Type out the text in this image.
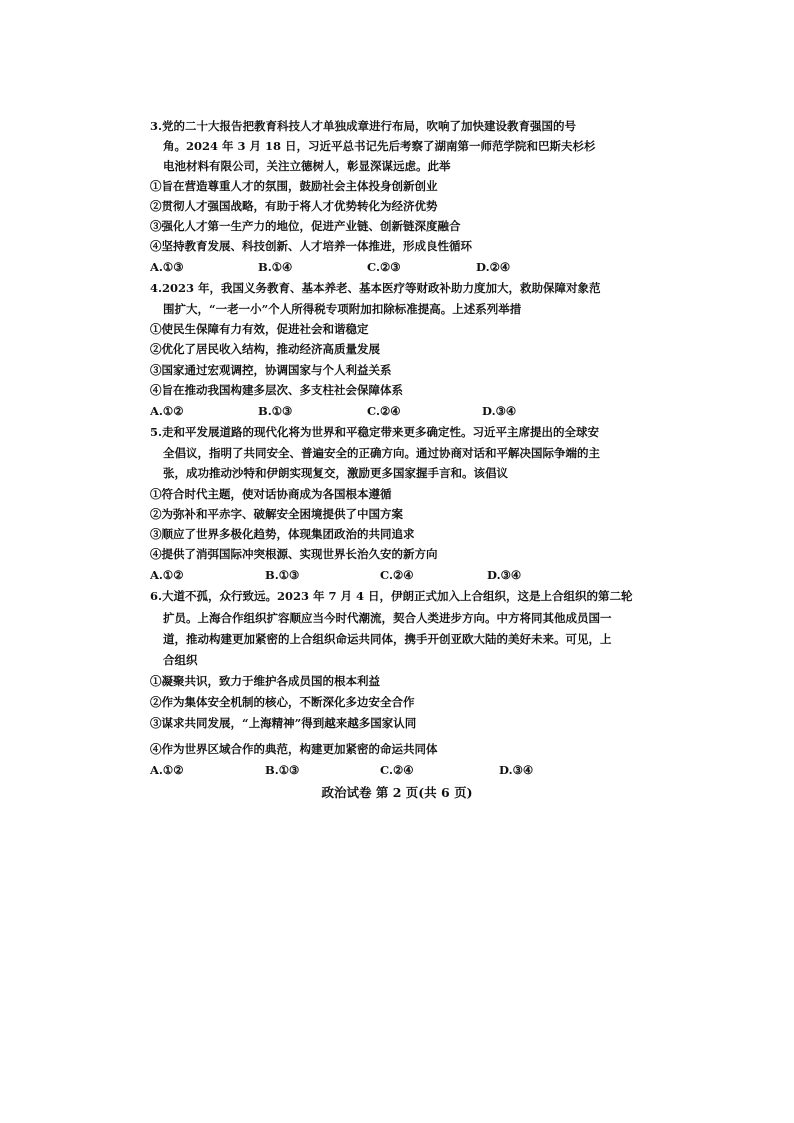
3.党的二十大报告把教育科技人才单独成章进行布局，吹响了加快建设教育强国的号
角。2024 年 3 月 18 日，习近平总书记先后考察了湖南第一师范学院和巴斯夫杉杉
电池材料有限公司，关注立德树人，彰显深谋远虑。此举
①旨在营造尊重人才的氛围，鼓励社会主体投身创新创业
②贯彻人才强国战略，有助于将人才优势转化为经济优势
③强化人才第一生产力的地位，促进产业链、创新链深度融合
④坚持教育发展、科技创新、人才培养一体推进，形成良性循环
A.①③	B.①④	C.②③	D.②④
4.2023 年，我国义务教育、基本养老、基本医疗等财政补助力度加大，救助保障对象范
围扩大，“一老一小”个人所得税专项附加扣除标准提高。上述系列举措
①使民生保障有力有效，促进社会和谐稳定
②优化了居民收入结构，推动经济高质量发展
③国家通过宏观调控，协调国家与个人利益关系
④旨在推动我国构建多层次、多支柱社会保障体系
A.①②	B.①③	C.②④	D.③④
5.走和平发展道路的现代化将为世界和平稳定带来更多确定性。习近平主席提出的全球安
全倡议，指明了共同安全、普遍安全的正确方向。通过协商对话和平解决国际争端的主
张，成功推动沙特和伊朗实现复交，激励更多国家握手言和。该倡议
①符合时代主题，使对话协商成为各国根本遵循
②为弥补和平赤字、破解安全困境提供了中国方案
③顺应了世界多极化趋势，体现集团政治的共同追求
④提供了消弭国际冲突根源、实现世界长治久安的新方向
A.①②	B.①③	C.②④	D.③④
6.大道不孤，众行致远。2023 年 7 月 4 日，伊朗正式加入上合组织，这是上合组织的第二轮
扩员。上海合作组织扩容顺应当今时代潮流，契合人类进步方向。中方将同其他成员国一
道，推动构建更加紧密的上合组织命运共同体，携手开创亚欧大陆的美好未来。可见，上
合组织
①凝聚共识，致力于维护各成员国的根本利益
②作为集体安全机制的核心，不断深化多边安全合作
③谋求共同发展，“上海精神”得到越来越多国家认同
④作为世界区域合作的典范，构建更加紧密的命运共同体
A.①②	B.①③	C.②④	D.③④
政治试卷 第 2 页(共 6 页)
